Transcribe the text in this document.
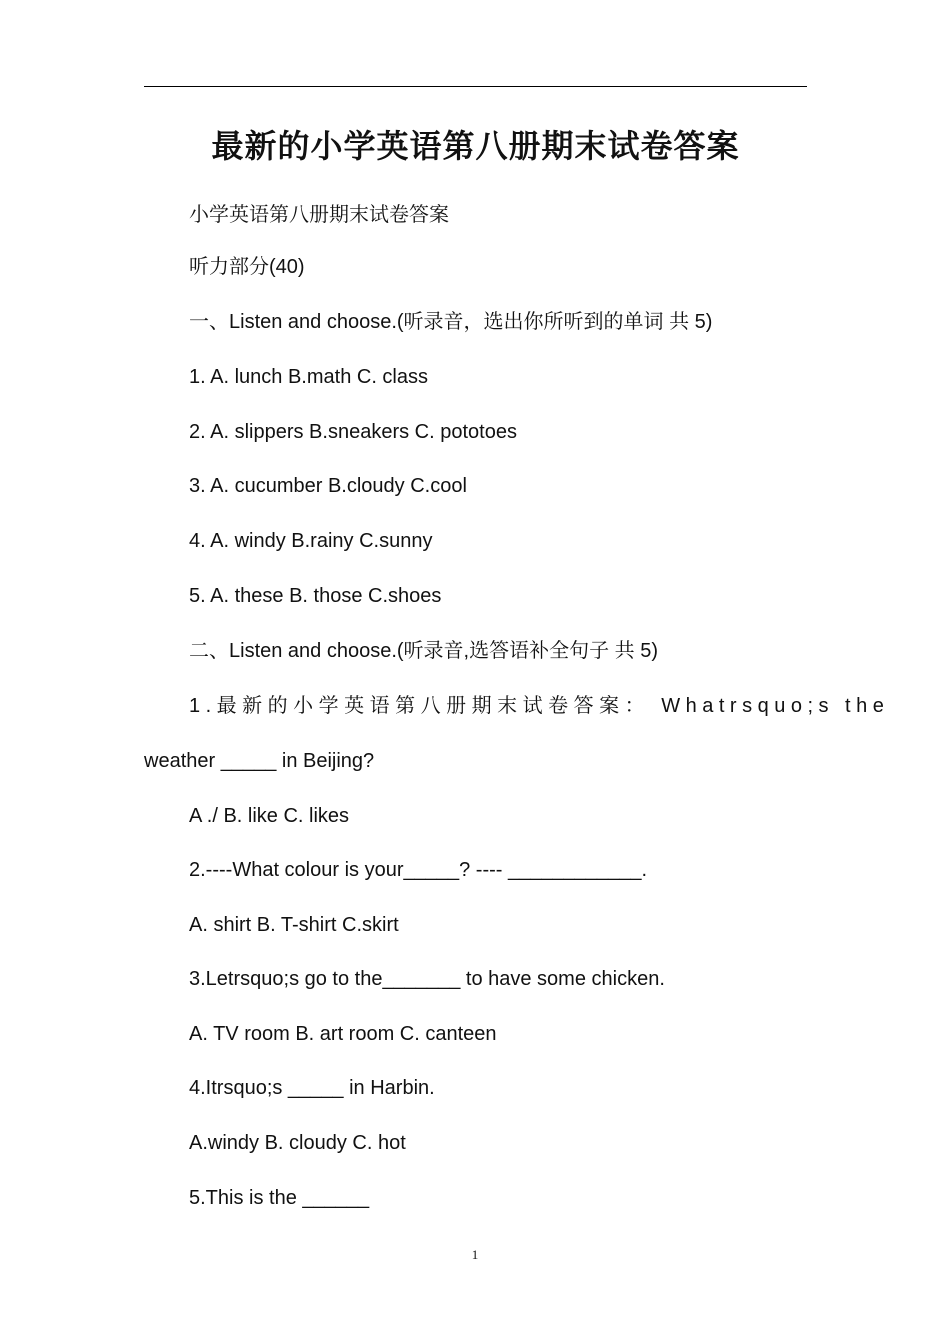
最新的小学英语第八册期末试卷答案
小学英语第八册期末试卷答案
听力部分(40)
一、Listen and choose.(听录音，选出你所听到的单词 共 5)
1. A. lunch B.math C. class
2. A. slippers B.sneakers C. pototoes
3. A. cucumber B.cloudy C.cool
4. A. windy B.rainy C.sunny
5. A. these B. those C.shoes
二、Listen and choose.(听录音,选答语补全句子 共 5)
1.最新的小学英语第八册期末试卷答案： Whatrsquo;s the
weather _____ in Beijing?
A ./ B. like C. likes
2.----What colour is your_____? ---- ____________.
A. shirt B. T-shirt C.skirt
3.Letrsquo;s go to the_______ to have some chicken.
A. TV room B. art room C. canteen
4.Itrsquo;s _____ in Harbin.
A.windy B. cloudy C. hot
5.This is the ______
1
